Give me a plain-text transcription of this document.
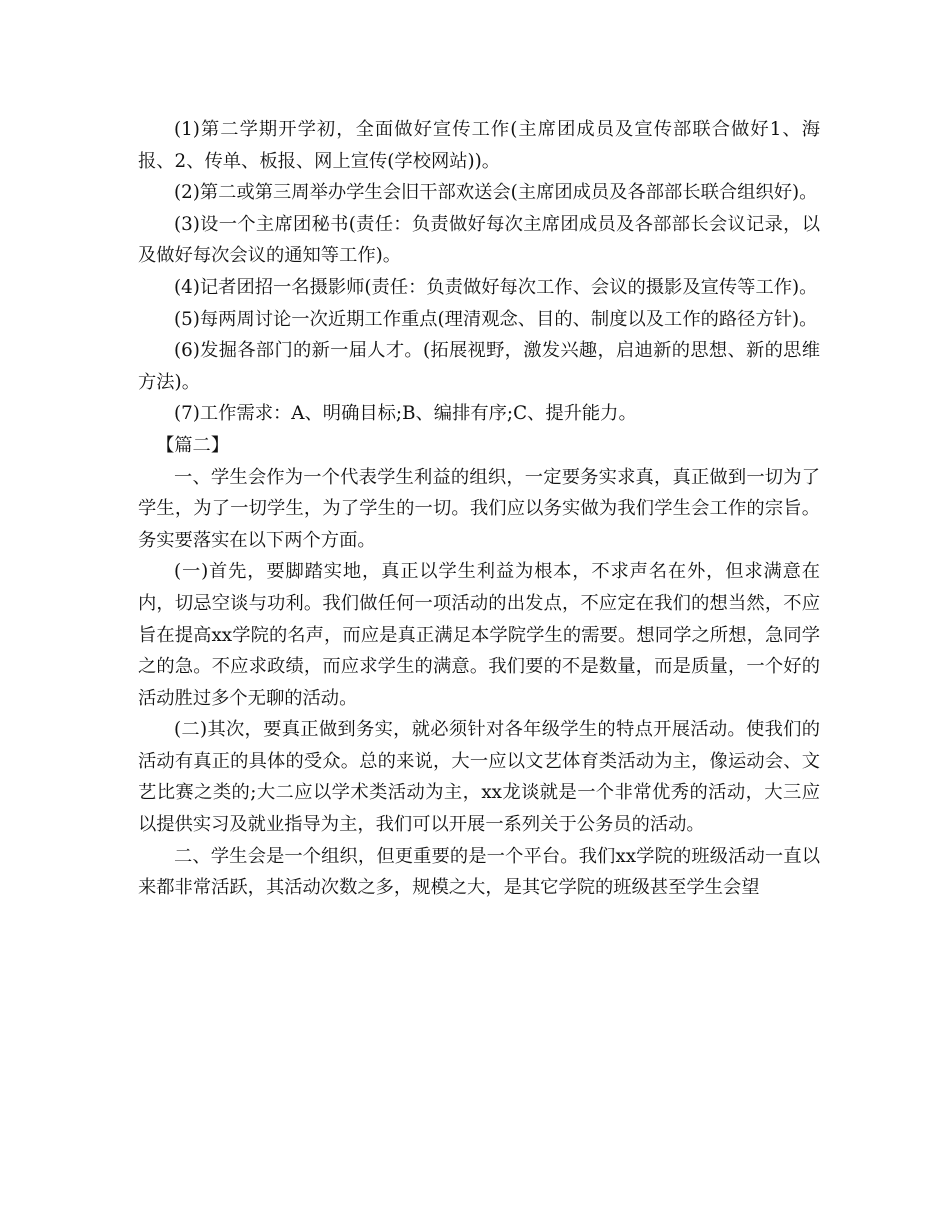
(1)第二学期开学初，全面做好宣传工作(主席团成员及宣传部联合做好1、海报、2、传单、板报、网上宣传(学校网站))。

(2)第二或第三周举办学生会旧干部欢送会(主席团成员及各部部长联合组织好)。

(3)设一个主席团秘书(责任：负责做好每次主席团成员及各部部长会议记录，以及做好每次会议的通知等工作)。

(4)记者团招一名摄影师(责任：负责做好每次工作、会议的摄影及宣传等工作)。

(5)每两周讨论一次近期工作重点(理清观念、目的、制度以及工作的路径方针)。

(6)发掘各部门的新一届人才。(拓展视野，激发兴趣，启迪新的思想、新的思维方法)。

(7)工作需求：A、明确目标;B、编排有序;C、提升能力。

【篇二】

一、学生会作为一个代表学生利益的组织，一定要务实求真，真正做到一切为了学生，为了一切学生，为了学生的一切。我们应以务实做为我们学生会工作的宗旨。务实要落实在以下两个方面。

(一)首先，要脚踏实地，真正以学生利益为根本，不求声名在外，但求满意在内，切忌空谈与功利。我们做任何一项活动的出发点，不应定在我们的想当然，不应旨在提高xx学院的名声，而应是真正满足本学院学生的需要。想同学之所想，急同学之的急。不应求政绩，而应求学生的满意。我们要的不是数量，而是质量，一个好的活动胜过多个无聊的活动。

(二)其次，要真正做到务实，就必须针对各年级学生的特点开展活动。使我们的活动有真正的具体的受众。总的来说，大一应以文艺体育类活动为主，像运动会、文艺比赛之类的;大二应以学术类活动为主，xx龙谈就是一个非常优秀的活动，大三应以提供实习及就业指导为主，我们可以开展一系列关于公务员的活动。

二、学生会是一个组织，但更重要的是一个平台。我们xx学院的班级活动一直以来都非常活跃，其活动次数之多，规模之大，是其它学院的班级甚至学生会望
